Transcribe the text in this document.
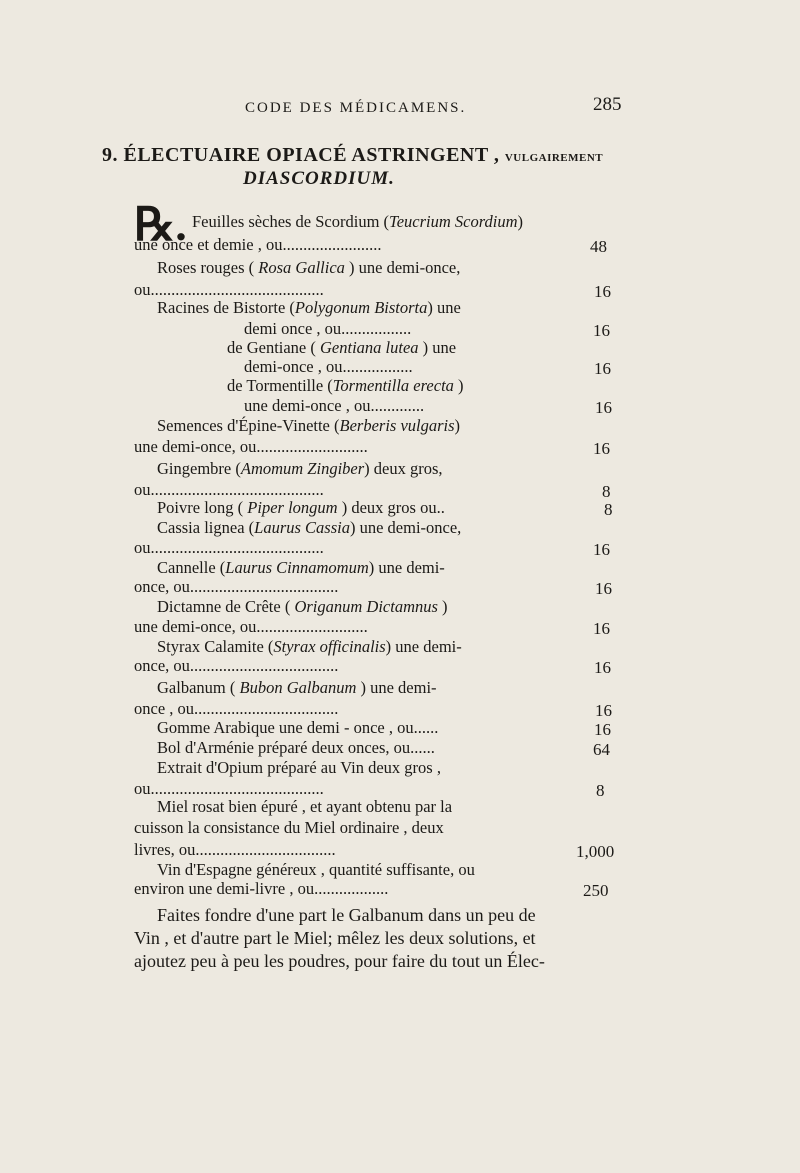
CODE DES MÉDICAMENS.	285
9. ÉLECTUAIRE OPIACÉ ASTRINGENT , VULGAIREMENT
DIASCORDIUM.
℞. Feuilles sèches de Scordium (Teucrium Scordium)
une once et demie , ou........................	48
Roses rouges ( Rosa Gallica ) une demi-once,
ou..........................................	16
Racines de Bistorte (Polygonum Bistorta) une
demi once , ou.................	16
de Gentiane ( Gentiana lutea ) une
demi-once , ou.................	16
de Tormentille (Tormentilla erecta )
une demi-once , ou.............	16
Semences d'Épine-Vinette (Berberis vulgaris)
une demi-once, ou...........................	16
Gingembre (Amomum Zingiber) deux gros,
ou..........................................	8
Poivre long ( Piper longum ) deux gros ou..	8
Cassia lignea (Laurus Cassia) une demi-once,
ou..........................................	16
Cannelle (Laurus Cinnamomum) une demi-
once, ou....................................	16
Dictamne de Crête ( Origanum Dictamnus )
une demi-once, ou...........................	16
Styrax Calamite (Styrax officinalis) une demi-
once, ou....................................	16
Galbanum ( Bubon Galbanum ) une demi-
once , ou...................................	16
Gomme Arabique une demi - once , ou......	16
Bol d'Arménie préparé deux onces, ou......	64
Extrait d'Opium préparé au Vin deux gros ,
ou..........................................	8
Miel rosat bien épuré , et ayant obtenu par la
cuisson la consistance du Miel ordinaire , deux
livres, ou..................................	1,000
Vin d'Espagne généreux , quantité suffisante, ou
environ une demi-livre , ou..................	250
Faites fondre d'une part le Galbanum dans un peu de
Vin , et d'autre part le Miel; mêlez les deux solutions, et
ajoutez peu à peu les poudres, pour faire du tout un Élec-
